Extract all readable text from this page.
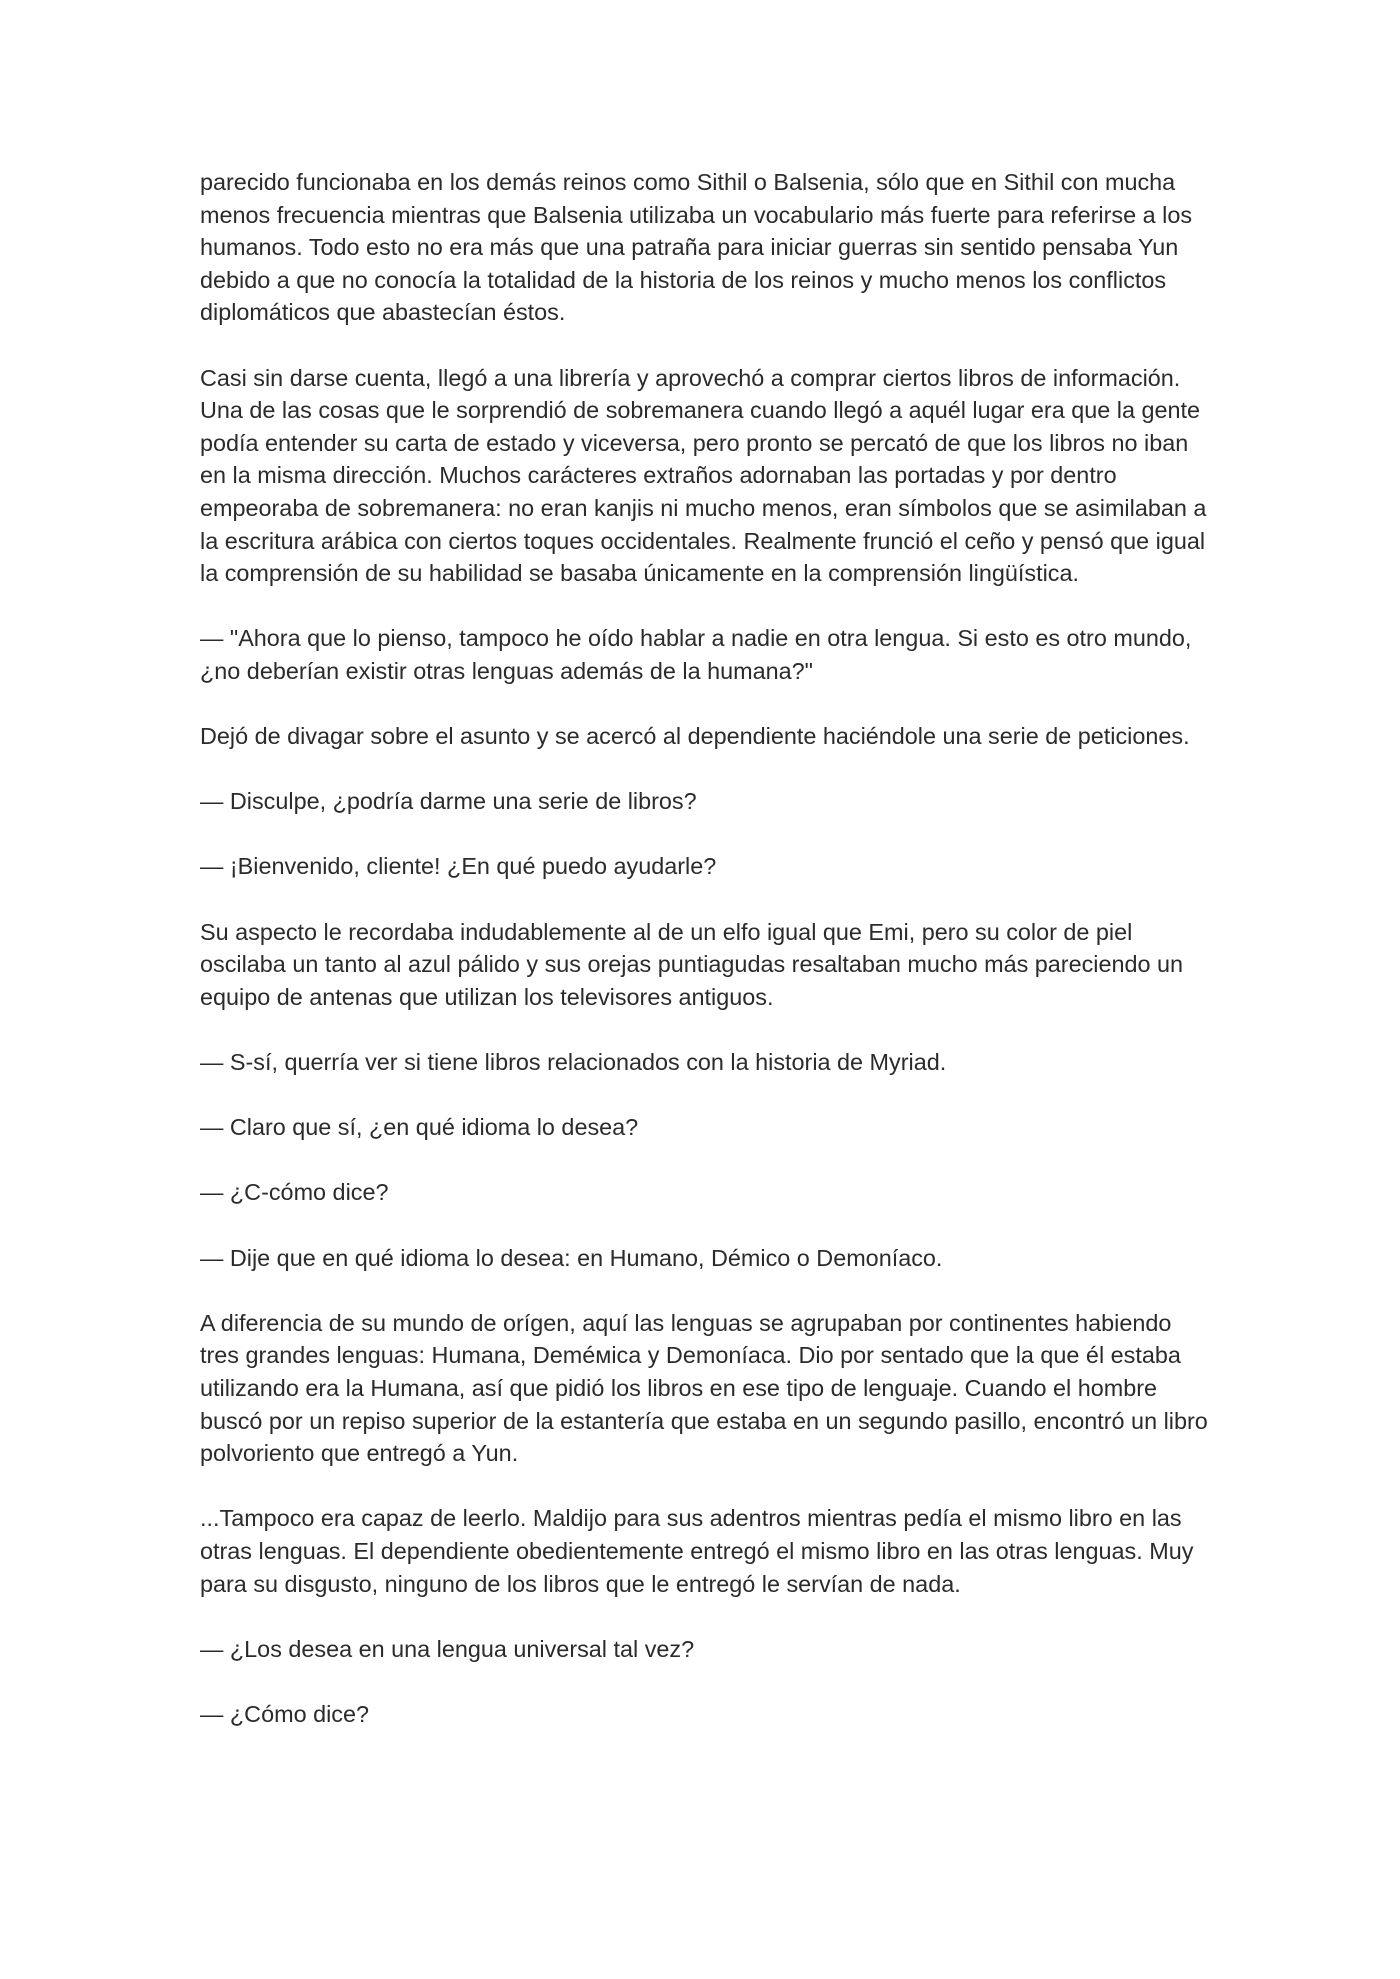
parecido funcionaba en los demás reinos como Sithil o Balsenia, sólo que en Sithil con mucha menos frecuencia mientras que Balsenia utilizaba un vocabulario más fuerte para referirse a los humanos. Todo esto no era más que una patraña para iniciar guerras sin sentido pensaba Yun debido a que no conocía la totalidad de la historia de los reinos y mucho menos los conflictos diplomáticos que abastecían éstos.

Casi sin darse cuenta, llegó a una librería y aprovechó a comprar ciertos libros de información. Una de las cosas que le sorprendió de sobremanera cuando llegó a aquél lugar era que la gente podía entender su carta de estado y viceversa, pero pronto se percató de que los libros no iban en la misma dirección. Muchos carácteres extraños adornaban las portadas y por dentro empeoraba de sobremanera: no eran kanjis ni mucho menos, eran símbolos que se asimilaban a la escritura arábica con ciertos toques occidentales. Realmente frunció el ceño y pensó que igual la comprensión de su habilidad se basaba únicamente en la comprensión lingüística.

— "Ahora que lo pienso, tampoco he oído hablar a nadie en otra lengua. Si esto es otro mundo, ¿no deberían existir otras lenguas además de la humana?"

Dejó de divagar sobre el asunto y se acercó al dependiente haciéndole una serie de peticiones.

— Disculpe, ¿podría darme una serie de libros?

— ¡Bienvenido, cliente! ¿En qué puedo ayudarle?

Su aspecto le recordaba indudablemente al de un elfo igual que Emi, pero su color de piel oscilaba un tanto al azul pálido y sus orejas puntiagudas resaltaban mucho más pareciendo un equipo de antenas que utilizan los televisores antiguos.

— S-sí, querría ver si tiene libros relacionados con la historia de Myriad.

— Claro que sí, ¿en qué idioma lo desea?

— ¿C-cómo dice?

— Dije que en qué idioma lo desea: en Humano, Démico o Demoníaco.

A diferencia de su mundo de orígen, aquí las lenguas se agrupaban por continentes habiendo tres grandes lenguas: Humana, Deméмica y Demoníaca. Dio por sentado que la que él estaba utilizando era la Humana, así que pidió los libros en ese tipo de lenguaje. Cuando el hombre buscó por un repiso superior de la estantería que estaba en un segundo pasillo, encontró un libro polvoriento que entregó a Yun.

...Tampoco era capaz de leerlo. Maldijo para sus adentros mientras pedía el mismo libro en las otras lenguas. El dependiente obedientemente entregó el mismo libro en las otras lenguas. Muy para su disgusto, ninguno de los libros que le entregó le servían de nada.

— ¿Los desea en una lengua universal tal vez?

— ¿Cómo dice?
